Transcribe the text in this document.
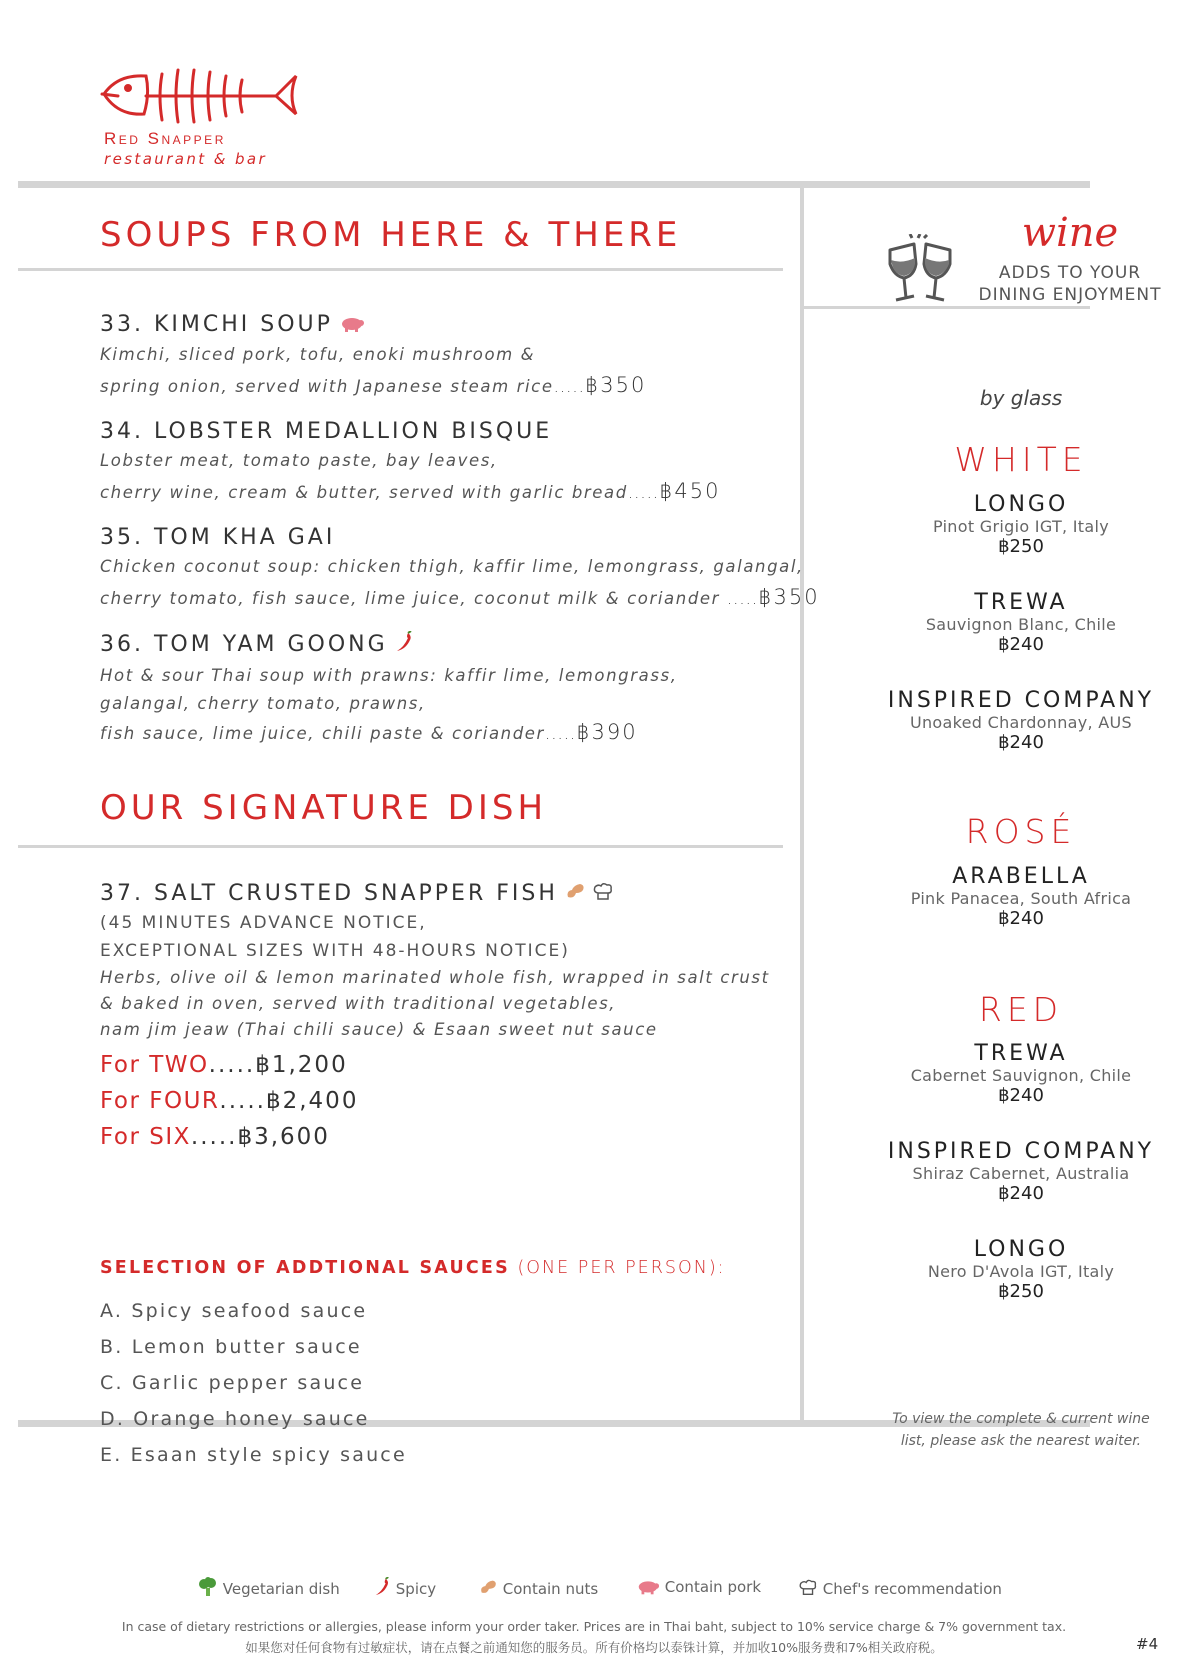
Red Snapper
restaurant & bar
SOUPS FROM HERE & THERE
33. KIMCHI SOUP
Kimchi, sliced pork, tofu, enoki mushroom &
spring onion, served with Japanese steam rice.....฿350
34. LOBSTER MEDALLION BISQUE
Lobster meat, tomato paste, bay leaves,
cherry wine, cream & butter, served with garlic bread.....฿450
35. TOM KHA GAI
Chicken coconut soup: chicken thigh, kaffir lime, lemongrass, galangal,
cherry tomato, fish sauce, lime juice, coconut milk & coriander .....฿350
36. TOM YAM GOONG
Hot & sour Thai soup with prawns: kaffir lime, lemongrass,
galangal, cherry tomato, prawns,
fish sauce, lime juice, chili paste & coriander.....฿390
OUR SIGNATURE DISH
37. SALT CRUSTED SNAPPER FISH
(45 MINUTES ADVANCE NOTICE,
EXCEPTIONAL SIZES WITH 48-HOURS NOTICE)
Herbs, olive oil & lemon marinated whole fish, wrapped in salt crust
& baked in oven, served with traditional vegetables,
nam jim jeaw (Thai chili sauce) & Esaan sweet nut sauce
For TWO.....฿1,200
For FOUR.....฿2,400
For SIX.....฿3,600
SELECTION OF ADDTIONAL SAUCES (ONE PER PERSON):
A. Spicy seafood sauce
B. Lemon butter sauce
C. Garlic pepper sauce
D. Orange honey sauce
E. Esaan style spicy sauce
wine
ADDS TO YOUR
DINING ENJOYMENT
by glass
WHITE
LONGO
Pinot Grigio IGT, Italy
฿250
TREWA
Sauvignon Blanc, Chile
฿240
INSPIRED COMPANY
Unoaked Chardonnay, AUS
฿240
ROSÉ
ARABELLA
Pink Panacea, South Africa
฿240
RED
TREWA
Cabernet Sauvignon, Chile
฿240
INSPIRED COMPANY
Shiraz Cabernet, Australia
฿240
LONGO
Nero D'Avola IGT, Italy
฿250
To view the complete & current wine
list, please ask the nearest waiter.
Vegetarian dish	Spicy	Contain nuts	Contain pork	Chef's recommendation
In case of dietary restrictions or allergies, please inform your order taker. Prices are in Thai baht, subject to 10% service charge & 7% government tax.
如果您对任何食物有过敏症状，请在点餐之前通知您的服务员。所有价格均以泰铢计算，并加收10%服务费和7%相关政府税。	#4
